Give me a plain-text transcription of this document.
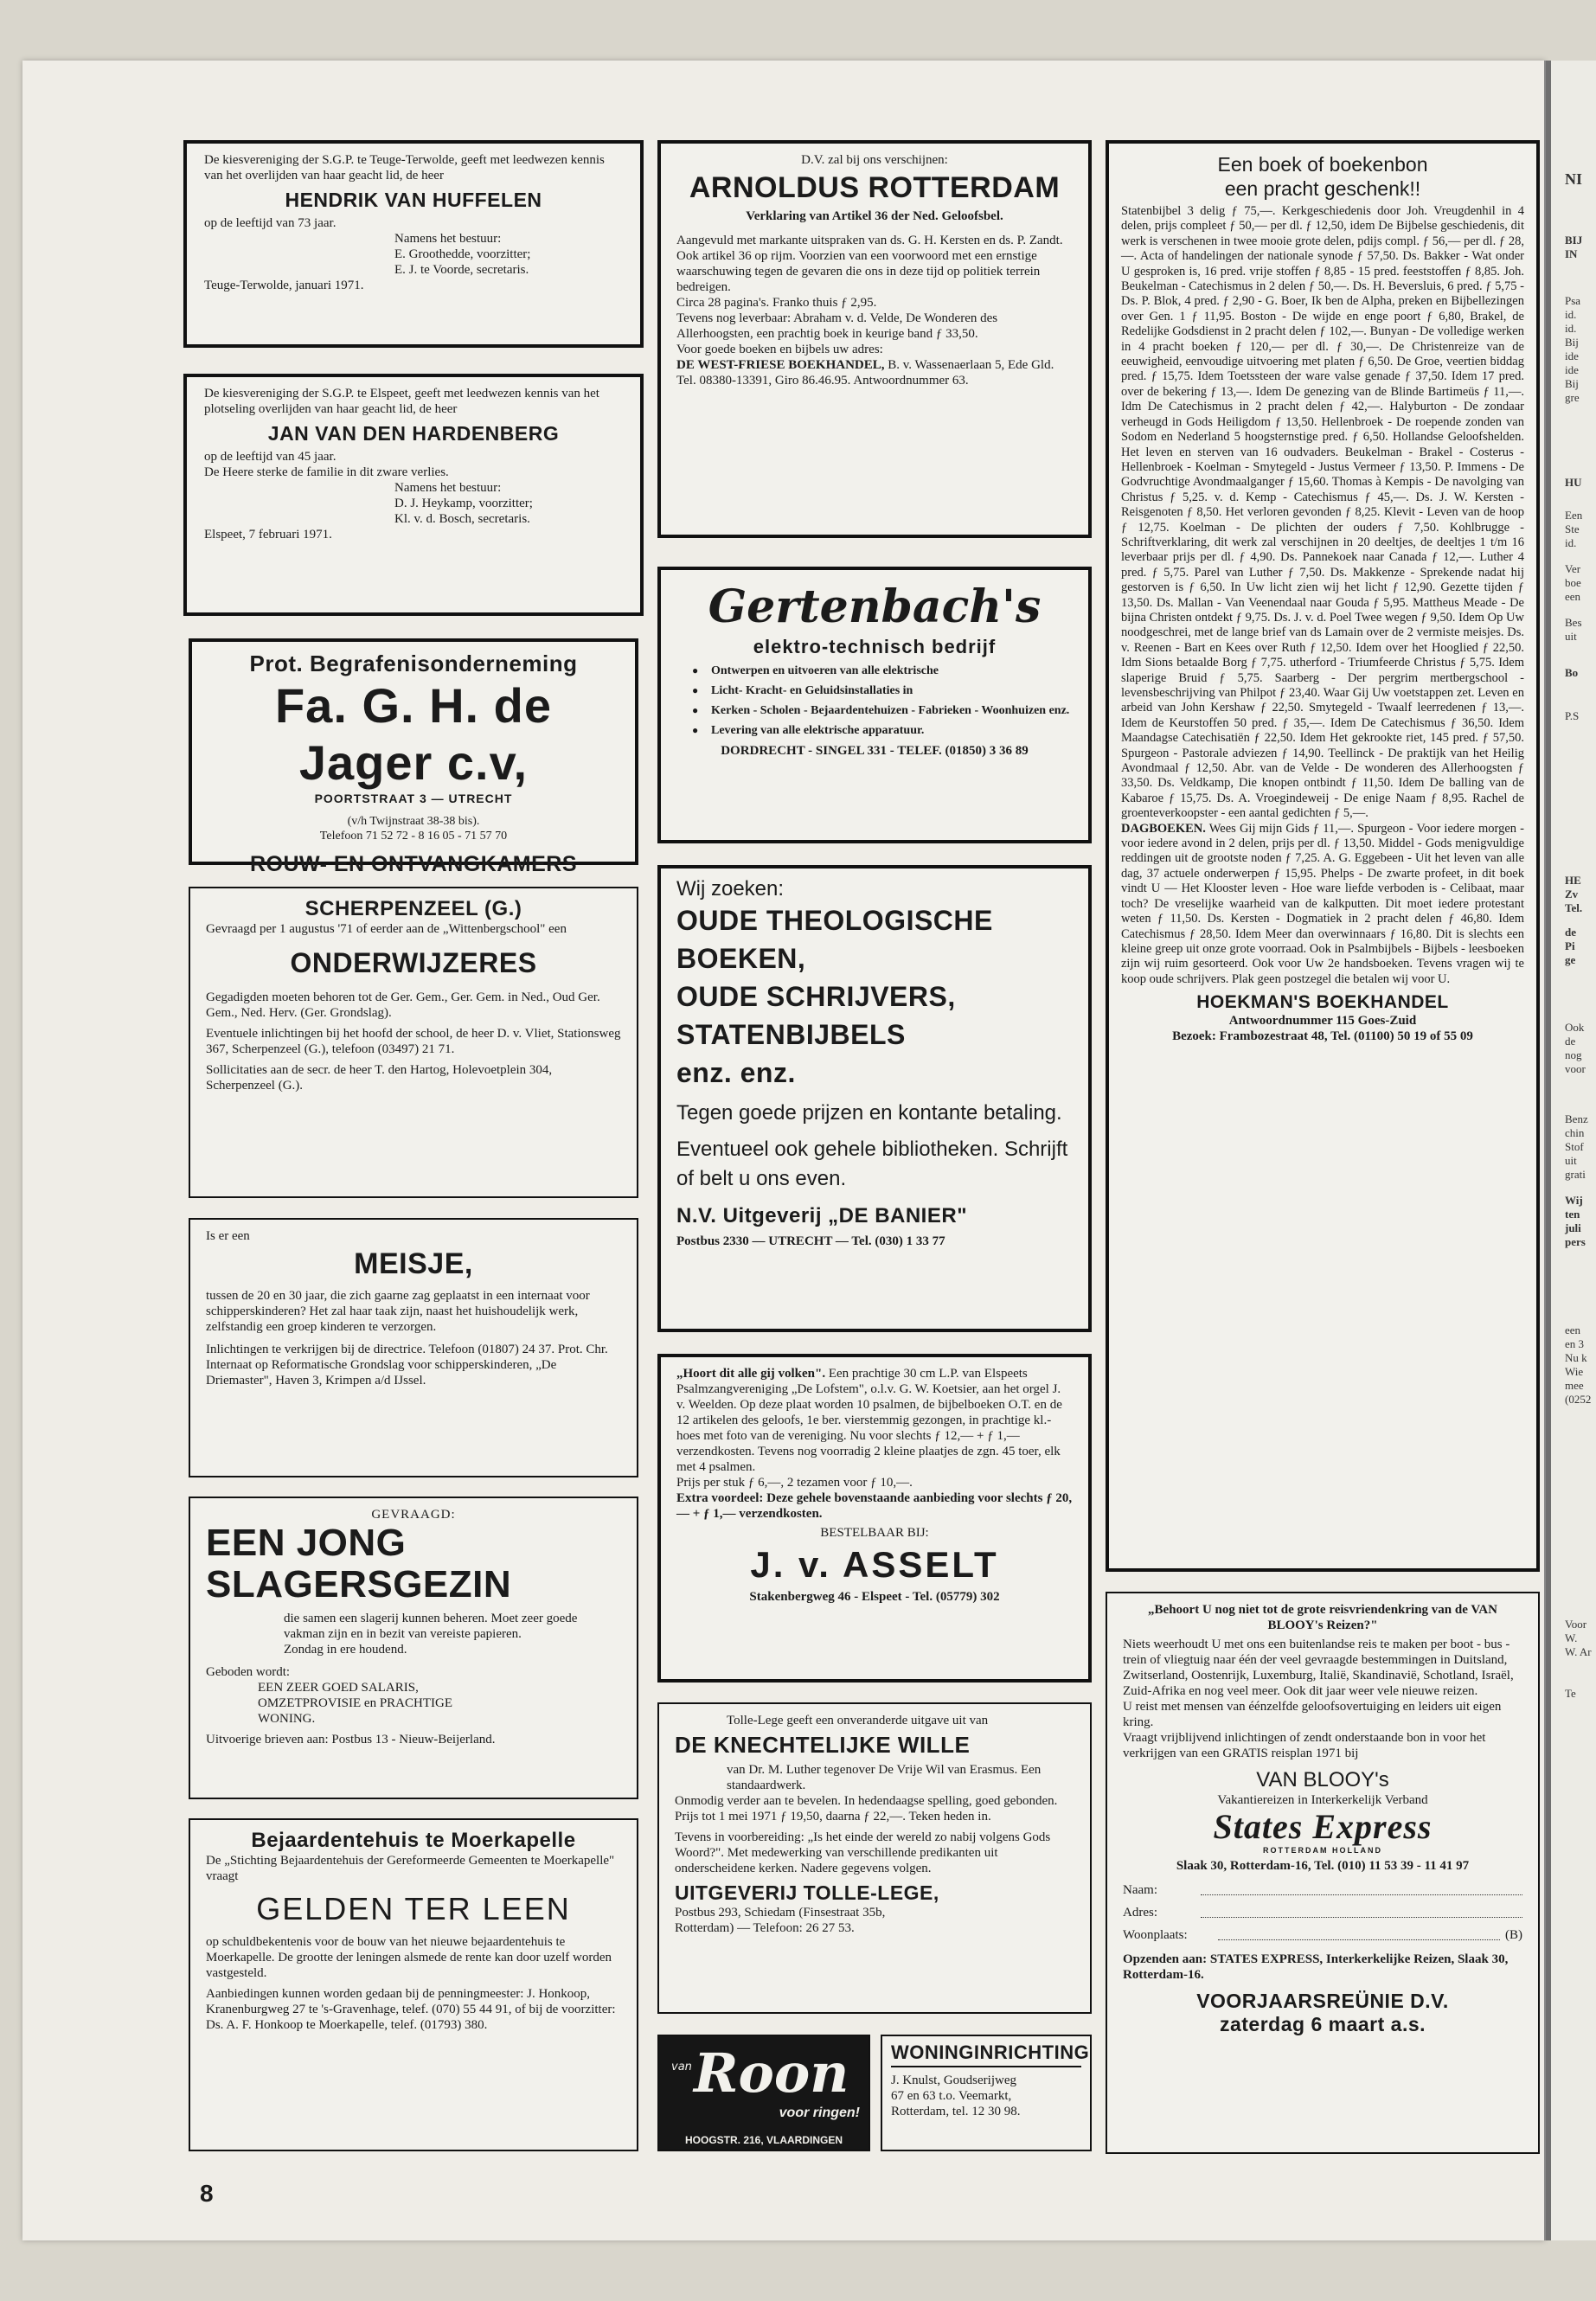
De kiesvereniging der S.G.P. te Teuge-Terwolde, geeft met leedwezen kennis van het overlijden van haar geacht lid, de heer

HENDRIK VAN HUFFELEN

op de leeftijd van 73 jaar.

Namens het bestuur:

E. Groothedde, voorzitter;

E. J. te Voorde, secretaris.

Teuge-Terwolde, januari 1971.

De kiesvereniging der S.G.P. te Elspeet, geeft met leedwezen kennis van het plotseling overlijden van haar geacht lid, de heer

JAN VAN DEN HARDENBERG

op de leeftijd van 45 jaar.

De Heere sterke de familie in dit zware verlies.

Namens het bestuur:

D. J. Heykamp, voorzitter;

Kl. v. d. Bosch, secretaris.

Elspeet, 7 februari 1971.

Prot. Begrafenisonderneming
Fa. G. H. de Jager c.v,
POORTSTRAAT 3 — UTRECHT
(v/h Twijnstraat 38-38 bis).
Telefoon 71 52 72 - 8 16 05 - 71 57 70
ROUW- EN ONTVANGKAMERS
SCHERPENZEEL (G.)

Gevraagd per 1 augustus '71 of eerder aan de „Wittenbergschool" een

ONDERWIJZERES

Gegadigden moeten behoren tot de Ger. Gem., Ger. Gem. in Ned., Oud Ger. Gem., Ned. Herv. (Ger. Grondslag).

Eventuele inlichtingen bij het hoofd der school, de heer D. v. Vliet, Stationsweg 367, Scherpenzeel (G.), telefoon (03497) 21 71.

Sollicitaties aan de secr. de heer T. den Hartog, Holevoetplein 304, Scherpenzeel (G.).

Is er een

MEISJE,

tussen de 20 en 30 jaar, die zich gaarne zag geplaatst in een internaat voor schipperskinderen? Het zal haar taak zijn, naast het huishoudelijk werk, zelfstandig een groep kinderen te verzorgen.

Inlichtingen te verkrijgen bij de directrice. Telefoon (01807) 24 37. Prot. Chr. Internaat op Reformatische Grondslag voor schipperskinderen, „De Driemaster", Haven 3, Krimpen a/d IJssel.

GEVRAAGD:
EEN JONG
SLAGERSGEZIN

die samen een slagerij kunnen beheren. Moet zeer goede vakman zijn en in bezit van vereiste papieren.

Zondag in ere houdend.

Geboden wordt:

EEN ZEER GOED SALARIS,

OMZETPROVISIE en PRACHTIGE

WONING.

Uitvoerige brieven aan: Postbus 13 - Nieuw-Beijerland.

Bejaardentehuis te Moerkapelle

De „Stichting Bejaardentehuis der Gereformeerde Gemeenten te Moerkapelle" vraagt

GELDEN TER LEEN

op schuldbekentenis voor de bouw van het nieuwe bejaardentehuis te Moerkapelle. De grootte der leningen alsmede de rente kan door uzelf worden vastgesteld.

Aanbiedingen kunnen worden gedaan bij de penningmeester: J. Honkoop, Kranenburgweg 27 te 's-Gravenhage, telef. (070) 55 44 91, of bij de voorzitter: Ds. A. F. Honkoop te Moerkapelle, telef. (01793) 380.

D.V. zal bij ons verschijnen:
ARNOLDUS ROTTERDAM
Verklaring van Artikel 36 der Ned. Geloofsbel.

Aangevuld met markante uitspraken van ds. G. H. Kersten en ds. P. Zandt. Ook artikel 36 op rijm. Voorzien van een voorwoord met een ernstige waarschuwing tegen de gevaren die ons in deze tijd op politiek terrein bedreigen.

Circa 28 pagina's. Franko thuis ƒ 2,95.

Tevens nog leverbaar: Abraham v. d. Velde, De Wonderen des Allerhoogsten, een prachtig boek in keurige band ƒ 33,50.

Voor goede boeken en bijbels uw adres:

DE WEST-FRIESE BOEKHANDEL, B. v. Wassenaerlaan 5, Ede Gld. Tel. 08380-13391, Giro 86.46.95. Antwoordnummer 63.

Gertenbach's
elektro-technisch bedrijf
● Ontwerpen en uitvoeren van alle elektrische
● Licht- Kracht- en Geluidsinstallaties in
● Kerken - Scholen - Bejaardentehuizen - Fabrieken - Woonhuizen enz.
● Levering van alle elektrische apparatuur.
DORDRECHT - SINGEL 331 - TELEF. (01850) 3 36 89
Wij zoeken:
OUDE THEOLOGISCHE
BOEKEN,
OUDE SCHRIJVERS,
STATENBIJBELS
enz. enz.
Tegen goede prijzen en kontante betaling.
Eventueel ook gehele bibliotheken. Schrijft of belt u ons even.
N.V. Uitgeverij „DE BANIER"
Postbus 2330 — UTRECHT — Tel. (030) 1 33 77

„Hoort dit alle gij volken". Een prachtige 30 cm L.P. van Elspeets Psalmzangvereniging „De Lofstem", o.l.v. G. W. Koetsier, aan het orgel J. v. Weelden. Op deze plaat worden 10 psalmen, de bijbelboeken O.T. en de 12 artikelen des geloofs, 1e ber. vierstemmig gezongen, in prachtige kl.-hoes met foto van de vereniging. Nu voor slechts ƒ 12,— + ƒ 1,— verzendkosten. Tevens nog voorradig 2 kleine plaatjes de zgn. 45 toer, elk met 4 psalmen.

Prijs per stuk ƒ 6,—, 2 tezamen voor ƒ 10,—.

Extra voordeel: Deze gehele bovenstaande aanbieding voor slechts ƒ 20,— + ƒ 1,— verzendkosten.

BESTELBAAR BIJ:
J. v. ASSELT
Stakenbergweg 46 - Elspeet - Tel. (05779) 302

Tolle-Lege geeft een onveranderde uitgave uit van

DE KNECHTELIJKE WILLE

van Dr. M. Luther tegenover De Vrije Wil van Erasmus. Een standaardwerk.

Onmodig verder aan te bevelen. In hedendaagse spelling, goed gebonden. Prijs tot 1 mei 1971 ƒ 19,50, daarna ƒ 22,—. Teken heden in.

Tevens in voorbereiding: „Is het einde der wereld zo nabij volgens Gods Woord?". Met medewerking van verschillende predikanten uit onderscheidene kerken. Nadere gegevens volgen.

UITGEVERIJ TOLLE-LEGE,

Postbus 293, Schiedam (Finsestraat 35b,

Rotterdam) — Telefoon: 26 27 53.

van Roon
voor ringen!
HOOGSTR. 216, VLAARDINGEN
WONINGINRICHTING

J. Knulst, Goudserijweg

67 en 63 t.o. Veemarkt,

Rotterdam, tel. 12 30 98.

Een boek of boekenbon
een pracht geschenk!!

Statenbijbel 3 delig ƒ 75,—. Kerkgeschiedenis door Joh. Vreugdenhil in 4 delen, prijs compleet ƒ 50,— per dl. ƒ 12,50, idem De Bijbelse geschiedenis, dit werk is verschenen in twee mooie grote delen, pdijs compl. ƒ 56,— per dl. ƒ 28,—. Acta of handelingen der nationale synode ƒ 57,50. Ds. Bakker - Wat onder U gesproken is, 16 pred. vrije stoffen ƒ 8,85 - 15 pred. feeststoffen ƒ 8,85. Joh. Beukelman - Catechismus in 2 delen ƒ 50,—. Ds. H. Beversluis, 6 pred. ƒ 5,75 - Ds. P. Blok, 4 pred. ƒ 2,90 - G. Boer, Ik ben de Alpha, preken en Bijbellezingen over Gen. 1 ƒ 11,95. Boston - De wijde en enge poort ƒ 6,80, Brakel, de Redelijke Godsdienst in 2 pracht delen ƒ 102,—. Bunyan - De volledige werken in 4 pracht boeken ƒ 120,— per dl. ƒ 30,—. De Christenreize van de eeuwigheid, eenvoudige uitvoering met platen ƒ 6,50. De Groe, veertien biddag pred. ƒ 15,75. Idem Toetssteen der ware valse genade ƒ 37,50. Idem 17 pred. over de bekering ƒ 13,—. Idem De genezing van de Blinde Bartimeüs ƒ 11,—. Idm De Catechismus in 2 pracht delen ƒ 42,—. Halyburton - De zondaar verheugd in Gods Heiligdom ƒ 13,50. Hellenbroek - De roepende zonden van Sodom en Nederland 5 hoogsternstige pred. ƒ 6,50. Hollandse Geloofshelden. Het leven en sterven van 16 oudvaders. Beukelman - Brakel - Costerus - Hellenbroek - Koelman - Smytegeld - Justus Vermeer ƒ 13,50. P. Immens - De Godvruchtige Avondmaalganger ƒ 15,60. Thomas à Kempis - De navolging van Christus ƒ 5,25. v. d. Kemp - Catechismus ƒ 45,—. Ds. J. W. Kersten - Reisgenoten ƒ 8,50. Het verloren gevonden ƒ 8,25. Klevit - Leven van de hoop ƒ 12,75. Koelman - De plichten der ouders ƒ 7,50. Kohlbrugge - Schriftverklaring, dit werk zal verschijnen in 20 deeltjes, de deeltjes 1 t/m 16 leverbaar prijs per dl. ƒ 4,90. Ds. Pannekoek naar Canada ƒ 12,—. Luther 4 pred. ƒ 5,75. Parel van Luther ƒ 7,50. Ds. Makkenze - Sprekende nadat hij gestorven is ƒ 6,50. In Uw licht zien wij het licht ƒ 12,90. Gezette tijden ƒ 13,50. Ds. Mallan - Van Veenendaal naar Gouda ƒ 5,95. Mattheus Meade - De bijna Christen ontdekt ƒ 9,75. Ds. J. v. d. Poel Twee wegen ƒ 9,50. Idem Op Uw noodgeschrei, met de lange brief van ds Lamain over de 2 vermiste meisjes. Ds. v. Reenen - Bart en Kees over Ruth ƒ 12,50. Idem over het Hooglied ƒ 22,50. Idm Sions betaalde Borg ƒ 7,75. utherford - Triumfeerde Christus ƒ 5,75. Idem slaperige Bruid ƒ 5,75. Saarberg - Der pergrim mertbergschool - levensbeschrijving van Philpot ƒ 23,40. Waar Gij Uw voetstappen zet. Leven en arbeid van John Kershaw ƒ 22,50. Smytegeld - Twaalf leerredenen ƒ 13,—. Idem de Keurstoffen 50 pred. ƒ 35,—. Idem De Catechismus ƒ 36,50. Idem Maandagse Catechisatiën ƒ 22,50. Idem Het gekrookte riet, 145 pred. ƒ 57,50. Spurgeon - Pastorale adviezen ƒ 14,90. Teellinck - De praktijk van het Heilig Avondmaal ƒ 12,50. Abr. van de Velde - De wonderen des Allerhoogsten ƒ 33,50. Ds. Veldkamp, Die knopen ontbindt ƒ 11,50. Idem De balling van de Kabaroe ƒ 15,75. Ds. A. Vroegindeweij - De enige Naam ƒ 8,95. Rachel de groenteverkoopster - een aantal gedichten ƒ 5,—.

DAGBOEKEN. Wees Gij mijn Gids ƒ 11,—. Spurgeon - Voor iedere morgen - voor iedere avond in 2 delen, prijs per dl. ƒ 13,50. Middel - Gods menigvuldige reddingen uit de grootste noden ƒ 7,25. A. G. Eggebeen - Uit het leven van alle dag, 37 actuele onderwerpen ƒ 15,95. Phelps - De zwarte profeet, in dit boek vindt U — Het Klooster leven - Hoe ware liefde verboden is - Celibaat, maar toch? De vreselijke waarheid van de kalkputten. Dit moet iedere protestant weten ƒ 11,50. Ds. Kersten - Dogmatiek in 2 pracht delen ƒ 46,80. Idem Catechismus ƒ 28,50. Idem Meer dan overwinnaars ƒ 16,80. Dit is slechts een kleine greep uit onze grote voorraad. Ook in Psalmbijbels - Bijbels - leesboeken zijn wij ruim gesorteerd. Ook voor Uw 2e handsboeken. Tevens vragen wij te koop oude schrijvers. Plak geen postzegel die betalen wij voor U.

HOEKMAN'S BOEKHANDEL
Antwoordnummer 115 Goes-Zuid
Bezoek: Frambozestraat 48, Tel. (01100) 50 19 of 55 09

„Behoort U nog niet tot de grote reisvriendenkring van de VAN BLOOY's Reizen?"

Niets weerhoudt U met ons een buitenlandse reis te maken per boot - bus - trein of vliegtuig naar één der veel gevraagde bestemmingen in Duitsland, Zwitserland, Oostenrijk, Luxemburg, Italië, Skandinavië, Schotland, Israël, Zuid-Afrika en nog veel meer. Ook dit jaar weer vele nieuwe reizen.

U reist met mensen van éénzelfde geloofsovertuiging en leiders uit eigen kring.

Vraagt vrijblijvend inlichtingen of zendt onderstaande bon in voor het verkrijgen van een GRATIS reisplan 1971 bij

VAN BLOOY's
Vakantiereizen in Interkerkelijk Verband
States Express
ROTTERDAM HOLLAND
Slaak 30, Rotterdam-16, Tel. (010) 11 53 39 - 11 41 97
Naam:
Adres:
Woonplaats:	(B)

Opzenden aan: STATES EXPRESS, Interkerkelijke Reizen, Slaak 30, Rotterdam-16.

VOORJAARSREÜNIE D.V.
zaterdag 6 maart a.s.
8
NI
BIJ
IN
Psa
id.
id.
Bij
ide
ide
Bij
gre
HU
Een
Ste
id.
Ver
boe
een
Bes
uit
Bo
P.S
HE
Zv
Tel.
de
Pi
ge
Ook
de
nog
voor
Benz
chin
Stof
uit
grati
Wij
ten
juli
pers
een
en 3
Nu k
Wie
mee
(0252
Voor
W.
W. Ar
Te
